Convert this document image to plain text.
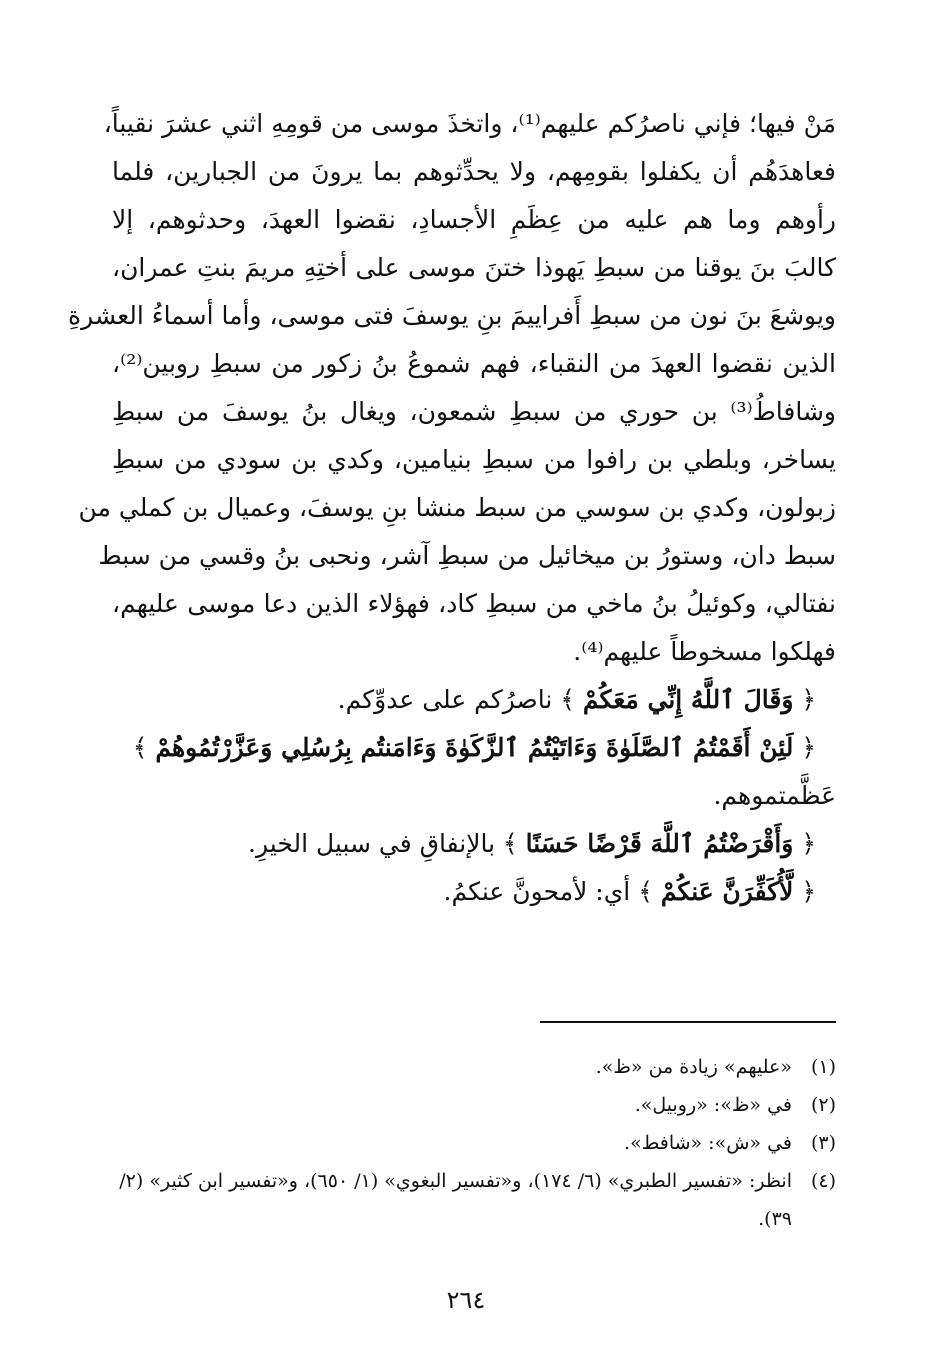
مَنْ فيها؛ فإني ناصرُكم عليهم⁽¹⁾، واتخذَ موسى من قومِهِ اثني عشرَ نقيباً،
فعاهدَهُم أن يكفلوا بقومِهم، ولا يحدِّثوهم بما يرونَ من الجبارين، فلما
رأوهم وما هم عليه من عِظَمِ الأجسادِ، نقضوا العهدَ، وحدثوهم، إلا
كالبَ بنَ يوقنا من سبطِ يَهوذا ختنَ موسى على أختِهِ مريمَ بنتِ عمران،
ويوشعَ بنَ نون من سبطِ أَفراييمَ بنِ يوسفَ فتى موسى، وأما أسماءُ العشرةِ
الذين نقضوا العهدَ من النقباء، فهم شموعُ بنُ زكور من سبطِ روبين⁽²⁾،
وشافاطُ⁽³⁾ بن حوري من سبطِ شمعون، ويغال بنُ يوسفَ من سبطِ
يساخر، وبلطي بن رافوا من سبطِ بنيامين، وكدي بن سودي من سبطِ
زبولون، وكدي بن سوسي من سبط منشا بنِ يوسفَ، وعميال بن كملي من
سبط دان، وستورُ بن ميخائيل من سبطِ آشر، ونحبى بنُ وقسي من سبط
نفتالي، وكوئيلُ بنُ ماخي من سبطِ كاد، فهؤلاء الذين دعا موسى عليهم،
فهلكوا مسخوطاً عليهم⁽⁴⁾.
﴿ وَقَالَ ٱللَّهُ إِنِّي مَعَكُمْ ﴾ ناصرُكم على عدوِّكم.
﴿ لَئِنْ أَقَمْتُمُ ٱلصَّلَوٰةَ وَءَاتَيْتُمُ ٱلزَّكَوٰةَ وَءَامَنتُم بِرُسُلِي وَعَزَّرْتُمُوهُمْ ﴾
عَظَّمتموهم.
﴿ وَأَقْرَضْتُمُ ٱللَّهَ قَرْضًا حَسَنًا ﴾ بالإنفاقِ في سبيل الخيرِ.
﴿ لَّأُكَفِّرَنَّ عَنكُمْ ﴾ أي: لأمحونَّ عنكمُ.
(١)
«عليهم» زيادة من «ظ».
(٢)
في «ظ»: «روبيل».
(٣)
في «ش»: «شافط».
(٤)
انظر: «تفسير الطبري» (٦/ ١٧٤)، و«تفسير البغوي» (١/ ٦٥٠)، و«تفسير ابن كثير» (٢/ ٣٩).
٢٦٤
